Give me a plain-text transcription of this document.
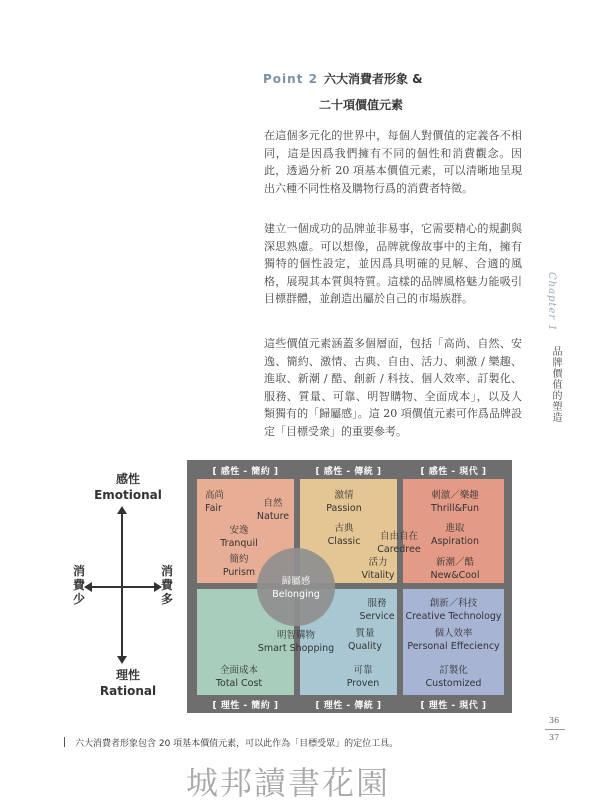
Point 2 六大消費者形象 &
二十項價值元素

在這個多元化的世界中，每個人對價值的定義各不相同，這是因爲我們擁有不同的個性和消費觀念。因此，透過分析 20 項基本價值元素，可以清晰地呈現出六種不同性格及購物行爲的消費者特徵。

建立一個成功的品牌並非易事，它需要精心的規劃與深思熟慮。可以想像，品牌就像故事中的主角，擁有獨特的個性設定，並因爲具明確的見解、合適的風格，展現其本質與特質。這樣的品牌風格魅力能吸引目標群體，並創造出屬於自己的市場族群。

這些價值元素涵蓋多個層面，包括「高尚、自然、安逸、簡約、激情、古典、自由、活力、刺激 / 樂趣、進取、新潮 / 酷、創新 / 科技、個人效率、訂製化、服務、質量、可靠、明智購物、全面成本」，以及人類獨有的「歸屬感」。這 20 項價值元素可作爲品牌設定「目標受衆」的重要參考。

Chapter 1
品牌價值的塑造
感性
Emotional
消費少
消費多
理性
Rational
[ 感性 - 簡約 ]	[ 感性 - 傳統 ]	[ 感性 - 現代 ]
[ 理性 - 簡約 ]	[ 理性 - 傳統 ]	[ 理性 - 現代 ]
高尚
Fair	自然
Nature
安逸
Tranquil
簡約
Purism
激情
Passion
古典
Classic	自由自在
Caredree
活力
Vitality
刺激／樂趣
Thrill&Fun
進取
Aspiration
新潮／酷
New&Cool
歸屬感
Belonging
明智購物
Smart Shopping
全面成本
Total Cost
服務
Service
質量
Quality
可靠
Proven
創新／科技
Creative Technology
個人效率
Personal Effeciency
訂製化
Customized
六大消費者形象包含 20 項基本價值元素，可以此作為「目標受眾」的定位工具。
36
37
城邦讀書花園
